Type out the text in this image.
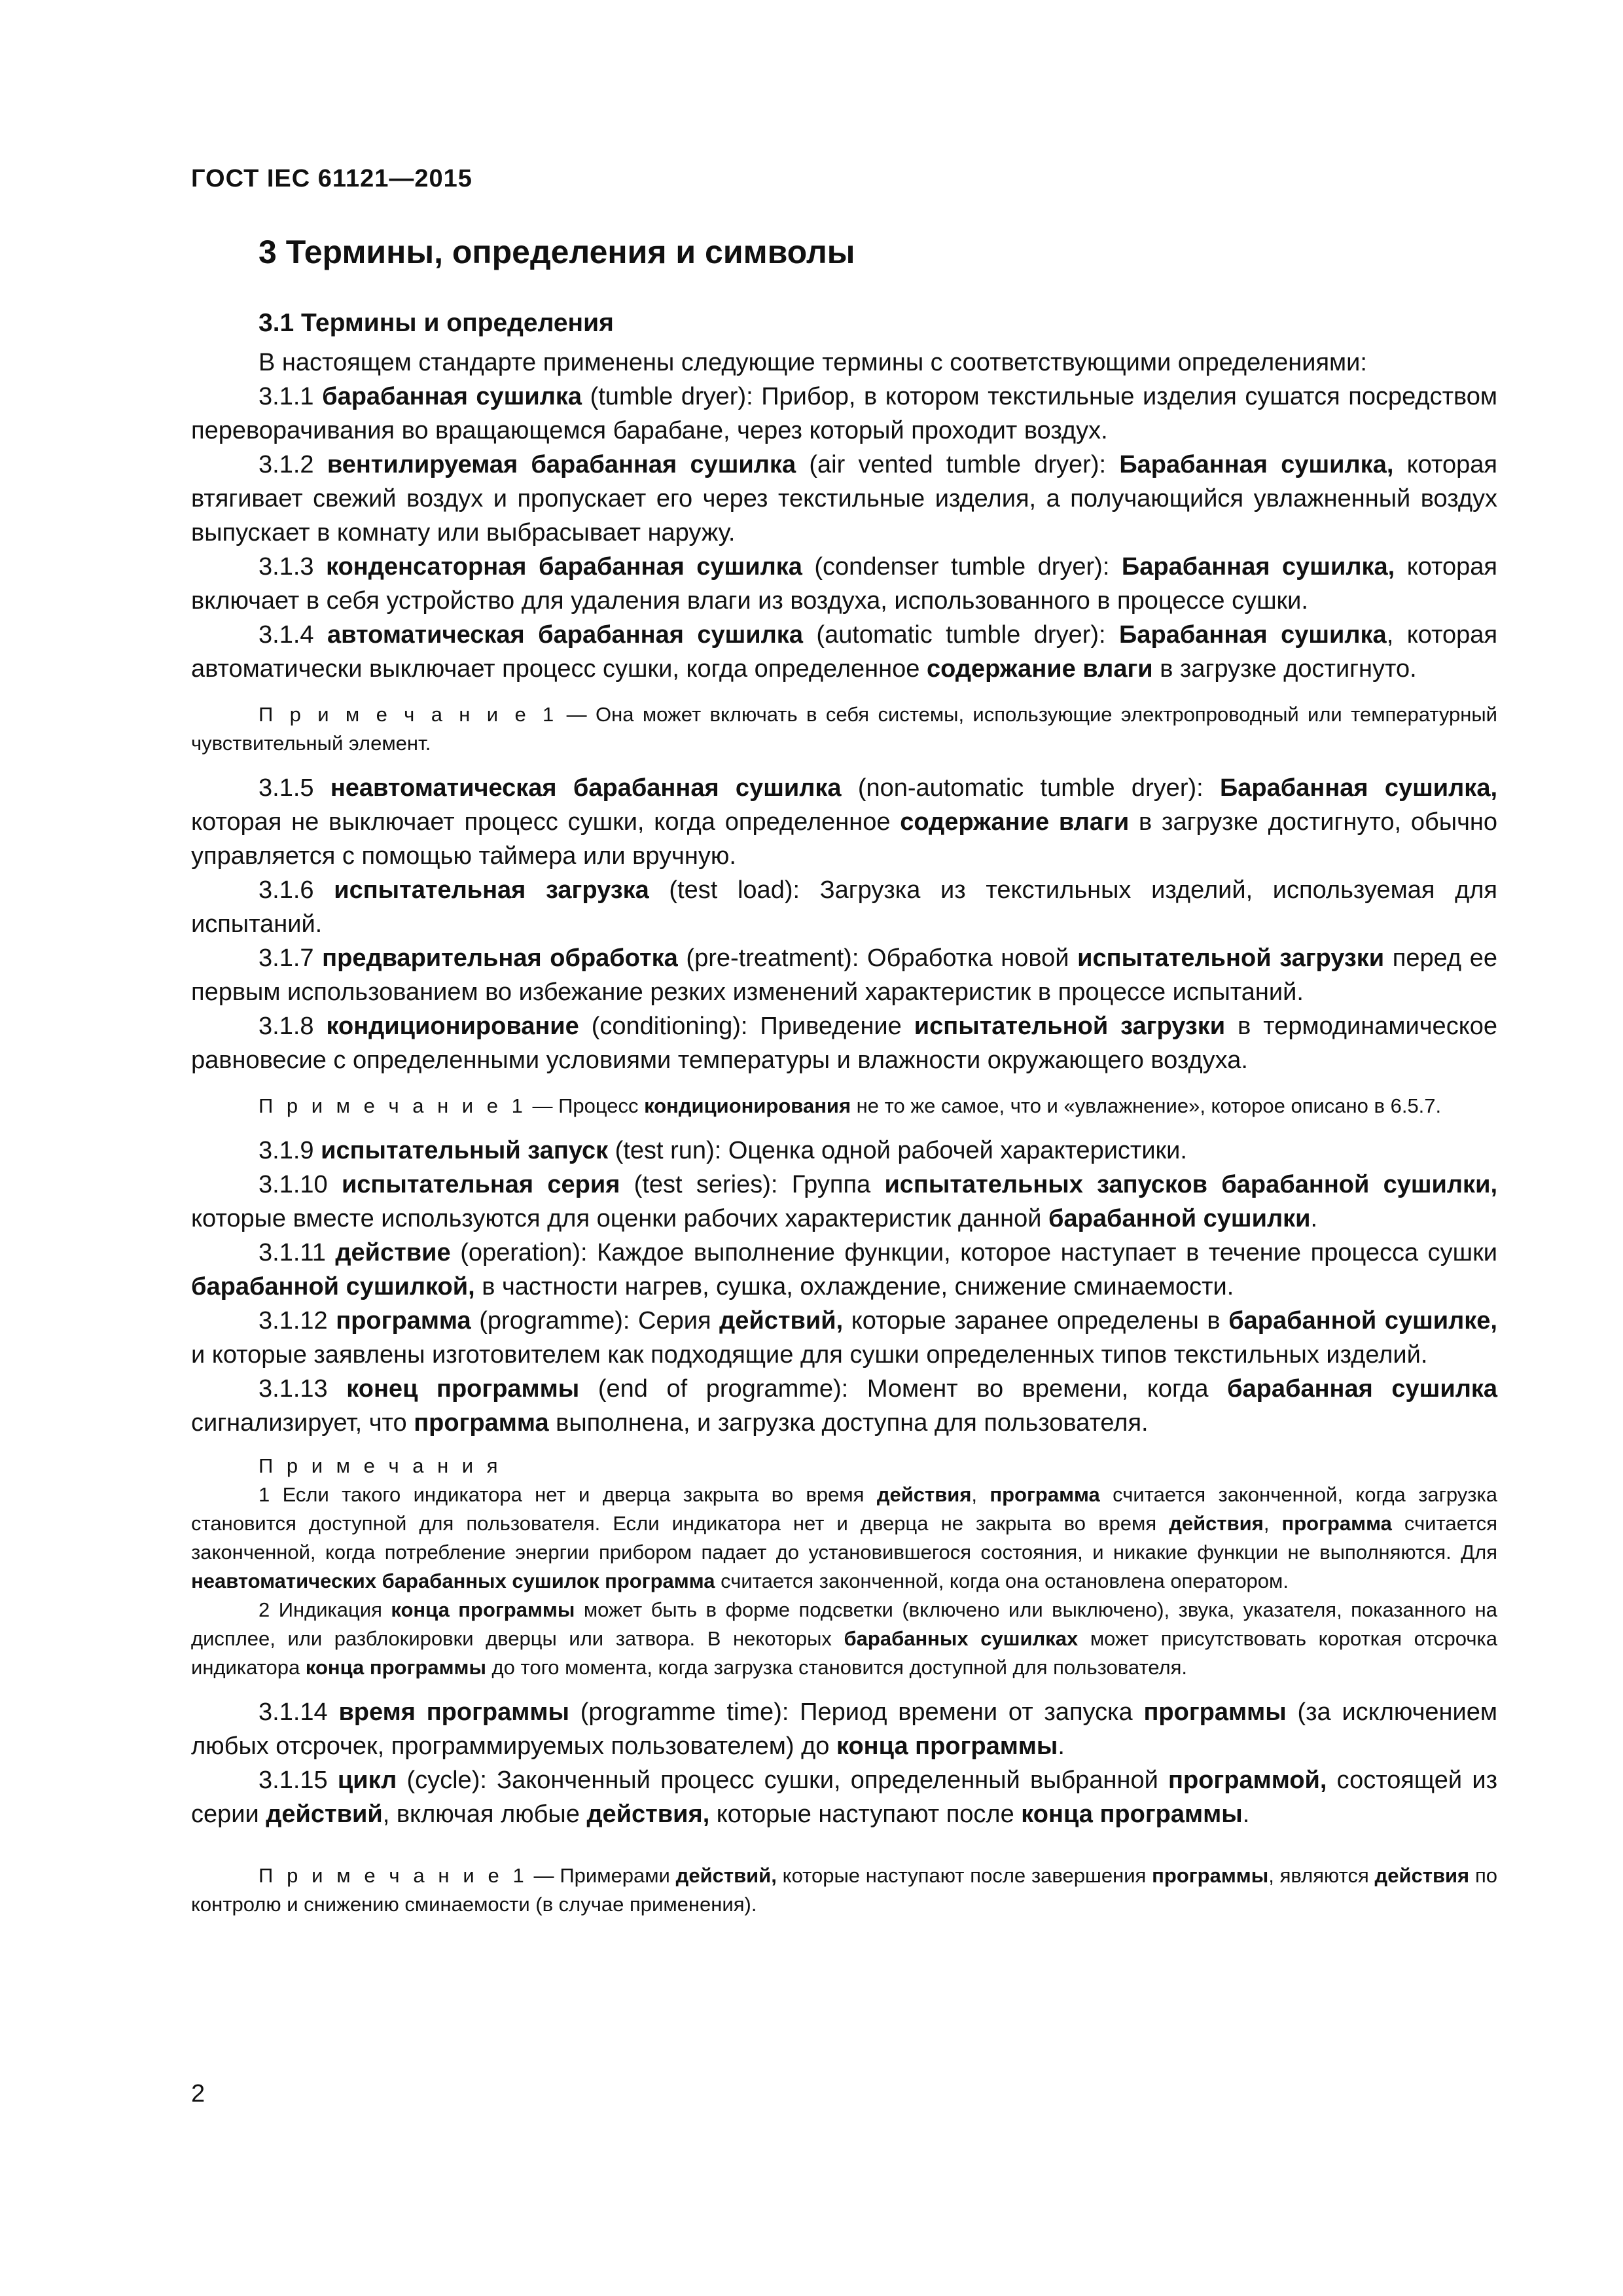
ГОСТ IEC 61121—2015
3 Термины, определения и символы
3.1 Термины и определения

В настоящем стандарте применены следующие термины с соответствующими определениями:

3.1.1 барабанная сушилка (tumble dryer): Прибор, в котором текстильные изделия сушатся посредством переворачивания во вращающемся барабане, через который проходит воздух.

3.1.2 вентилируемая барабанная сушилка (air vented tumble dryer): Барабанная сушилка, которая втягивает свежий воздух и пропускает его через текстильные изделия, а получающийся увлажненный воздух выпускает в комнату или выбрасывает наружу.

3.1.3 конденсаторная барабанная сушилка (condenser tumble dryer): Барабанная сушилка, которая включает в себя устройство для удаления влаги из воздуха, использованного в процессе сушки.

3.1.4 автоматическая барабанная сушилка (automatic tumble dryer): Барабанная сушилка, которая автоматически выключает процесс сушки, когда определенное содержание влаги в загрузке достигнуто.

П р и м е ч а н и е 1 — Она может включать в себя системы, использующие электропроводный или температурный чувствительный элемент.

3.1.5 неавтоматическая барабанная сушилка (non-automatic tumble dryer): Барабанная сушилка, которая не выключает процесс сушки, когда определенное содержание влаги в загрузке достигнуто, обычно управляется с помощью таймера или вручную.

3.1.6 испытательная загрузка (test load): Загрузка из текстильных изделий, используемая для испытаний.

3.1.7 предварительная обработка (pre-treatment): Обработка новой испытательной загрузки перед ее первым использованием во избежание резких изменений характеристик в процессе испытаний.

3.1.8 кондиционирование (conditioning): Приведение испытательной загрузки в термодинамическое равновесие с определенными условиями температуры и влажности окружающего воздуха.

П р и м е ч а н и е 1 — Процесс кондиционирования не то же самое, что и «увлажнение», которое описано в 6.5.7.

3.1.9 испытательный запуск (test run): Оценка одной рабочей характеристики.

3.1.10 испытательная серия (test series): Группа испытательных запусков барабанной сушилки, которые вместе используются для оценки рабочих характеристик данной барабанной сушилки.

3.1.11 действие (operation): Каждое выполнение функции, которое наступает в течение процесса сушки барабанной сушилкой, в частности нагрев, сушка, охлаждение, снижение сминаемости.

3.1.12 программа (programme): Серия действий, которые заранее определены в барабанной сушилке, и которые заявлены изготовителем как подходящие для сушки определенных типов текстильных изделий.

3.1.13 конец программы (end of programme): Момент во времени, когда барабанная сушилка сигнализирует, что программа выполнена, и загрузка доступна для пользователя.

П р и м е ч а н и я

1 Если такого индикатора нет и дверца закрыта во время действия, программа считается законченной, когда загрузка становится доступной для пользователя. Если индикатора нет и дверца не закрыта во время действия, программа считается законченной, когда потребление энергии прибором падает до установившегося состояния, и никакие функции не выполняются. Для неавтоматических барабанных сушилок программа считается законченной, когда она остановлена оператором.

2 Индикация конца программы может быть в форме подсветки (включено или выключено), звука, указателя, показанного на дисплее, или разблокировки дверцы или затвора. В некоторых барабанных сушилках может присутствовать короткая отсрочка индикатора конца программы до того момента, когда загрузка становится доступной для пользователя.

3.1.14 время программы (programme time): Период времени от запуска программы (за исключением любых отсрочек, программируемых пользователем) до конца программы.

3.1.15 цикл (cycle): Законченный процесс сушки, определенный выбранной программой, состоящей из серии действий, включая любые действия, которые наступают после конца программы.

П р и м е ч а н и е 1 — Примерами действий, которые наступают после завершения программы, являются действия по контролю и снижению сминаемости (в случае применения).
2
